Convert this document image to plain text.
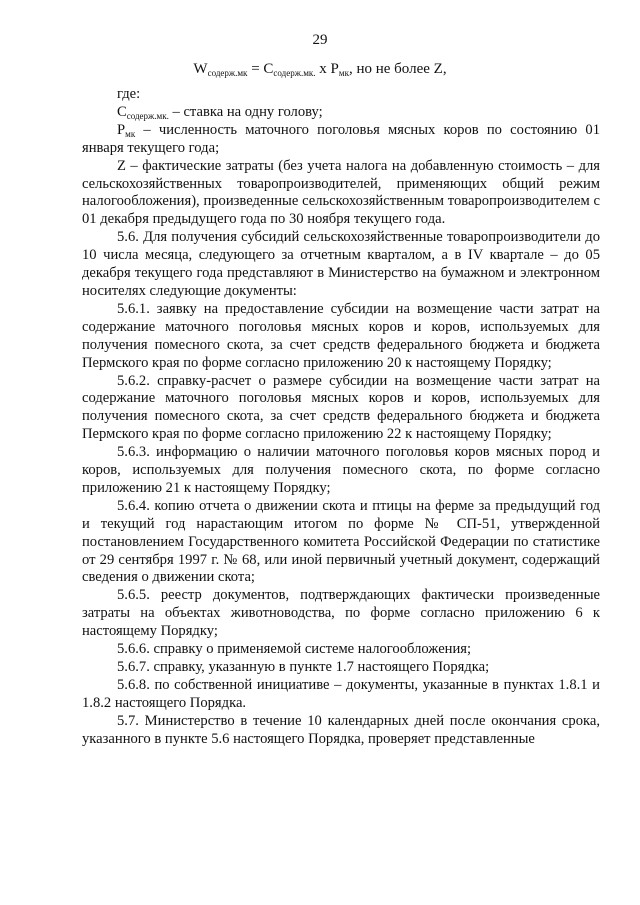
29
$W_{содерж.мк} = C_{содерж.мк.}$ х $P_{мк}$, но не более Z,

где:

$C_{содерж.мк.}$ – ставка на одну голову;

$P_{мк}$ – численность маточного поголовья мясных коров по состоянию 01 января текущего года;

Z – фактические затраты (без учета налога на добавленную стоимость – для сельскохозяйственных товаропроизводителей, применяющих общий режим налогообложения), произведенные сельскохозяйственным товаропроизводителем с 01 декабря предыдущего года по 30 ноября текущего года.

5.6. Для получения субсидий сельскохозяйственные товаропроизводители до 10 числа месяца, следующего за отчетным кварталом, а в IV квартале – до 05 декабря текущего года представляют в Министерство на бумажном и электронном носителях следующие документы:

5.6.1. заявку на предоставление субсидии на возмещение части затрат на содержание маточного поголовья мясных коров и коров, используемых для получения помесного скота, за счет средств федерального бюджета и бюджета Пермского края по форме согласно приложению 20 к настоящему Порядку;

5.6.2. справку-расчет о размере субсидии на возмещение части затрат на содержание маточного поголовья мясных коров и коров, используемых для получения помесного скота, за счет средств федерального бюджета и бюджета Пермского края по форме согласно приложению 22 к настоящему Порядку;

5.6.3. информацию о наличии маточного поголовья коров мясных пород и коров, используемых для получения помесного скота, по форме согласно приложению 21 к настоящему Порядку;

5.6.4. копию отчета о движении скота и птицы на ферме за предыдущий год и текущий год нарастающим итогом по форме № СП-51, утвержденной постановлением Государственного комитета Российской Федерации по статистике от 29 сентября 1997 г. № 68, или иной первичный учетный документ, содержащий сведения о движении скота;

5.6.5. реестр документов, подтверждающих фактически произведенные затраты на объектах животноводства, по форме согласно приложению 6 к настоящему Порядку;

5.6.6. справку о применяемой системе налогообложения;

5.6.7. справку, указанную в пункте 1.7 настоящего Порядка;

5.6.8. по собственной инициативе – документы, указанные в пунктах 1.8.1 и 1.8.2 настоящего Порядка.

5.7. Министерство в течение 10 календарных дней после окончания срока, указанного в пункте 5.6 настоящего Порядка, проверяет представленные
